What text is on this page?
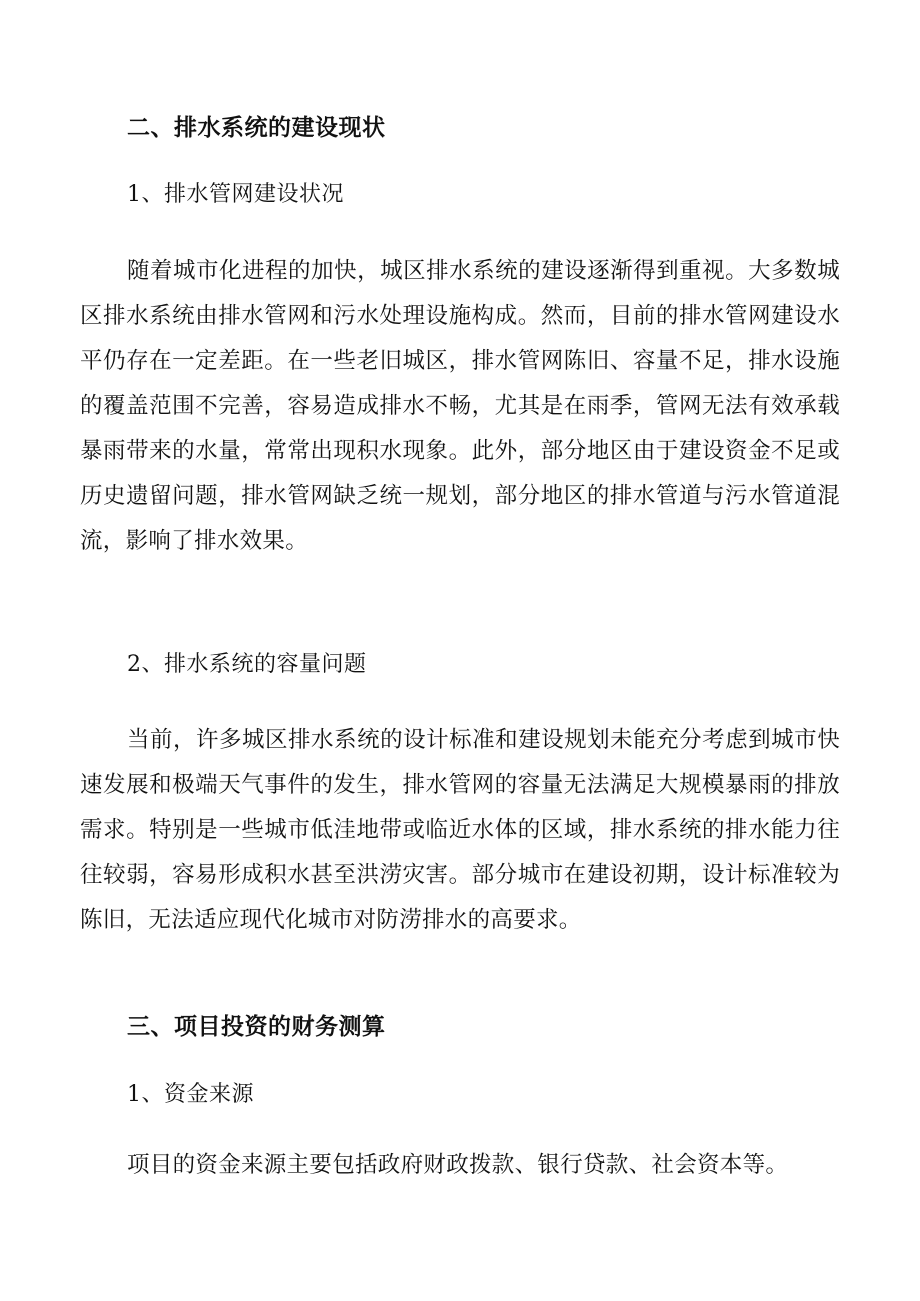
二、排水系统的建设现状
1、排水管网建设状况
随着城市化进程的加快，城区排水系统的建设逐渐得到重视。大多数城区排水系统由排水管网和污水处理设施构成。然而，目前的排水管网建设水平仍存在一定差距。在一些老旧城区，排水管网陈旧、容量不足，排水设施的覆盖范围不完善，容易造成排水不畅，尤其是在雨季，管网无法有效承载暴雨带来的水量，常常出现积水现象。此外，部分地区由于建设资金不足或历史遗留问题，排水管网缺乏统一规划，部分地区的排水管道与污水管道混流，影响了排水效果。
2、排水系统的容量问题
当前，许多城区排水系统的设计标准和建设规划未能充分考虑到城市快速发展和极端天气事件的发生，排水管网的容量无法满足大规模暴雨的排放需求。特别是一些城市低洼地带或临近水体的区域，排水系统的排水能力往往较弱，容易形成积水甚至洪涝灾害。部分城市在建设初期，设计标准较为陈旧，无法适应现代化城市对防涝排水的高要求。
三、项目投资的财务测算
1、资金来源
项目的资金来源主要包括政府财政拨款、银行贷款、社会资本等。
